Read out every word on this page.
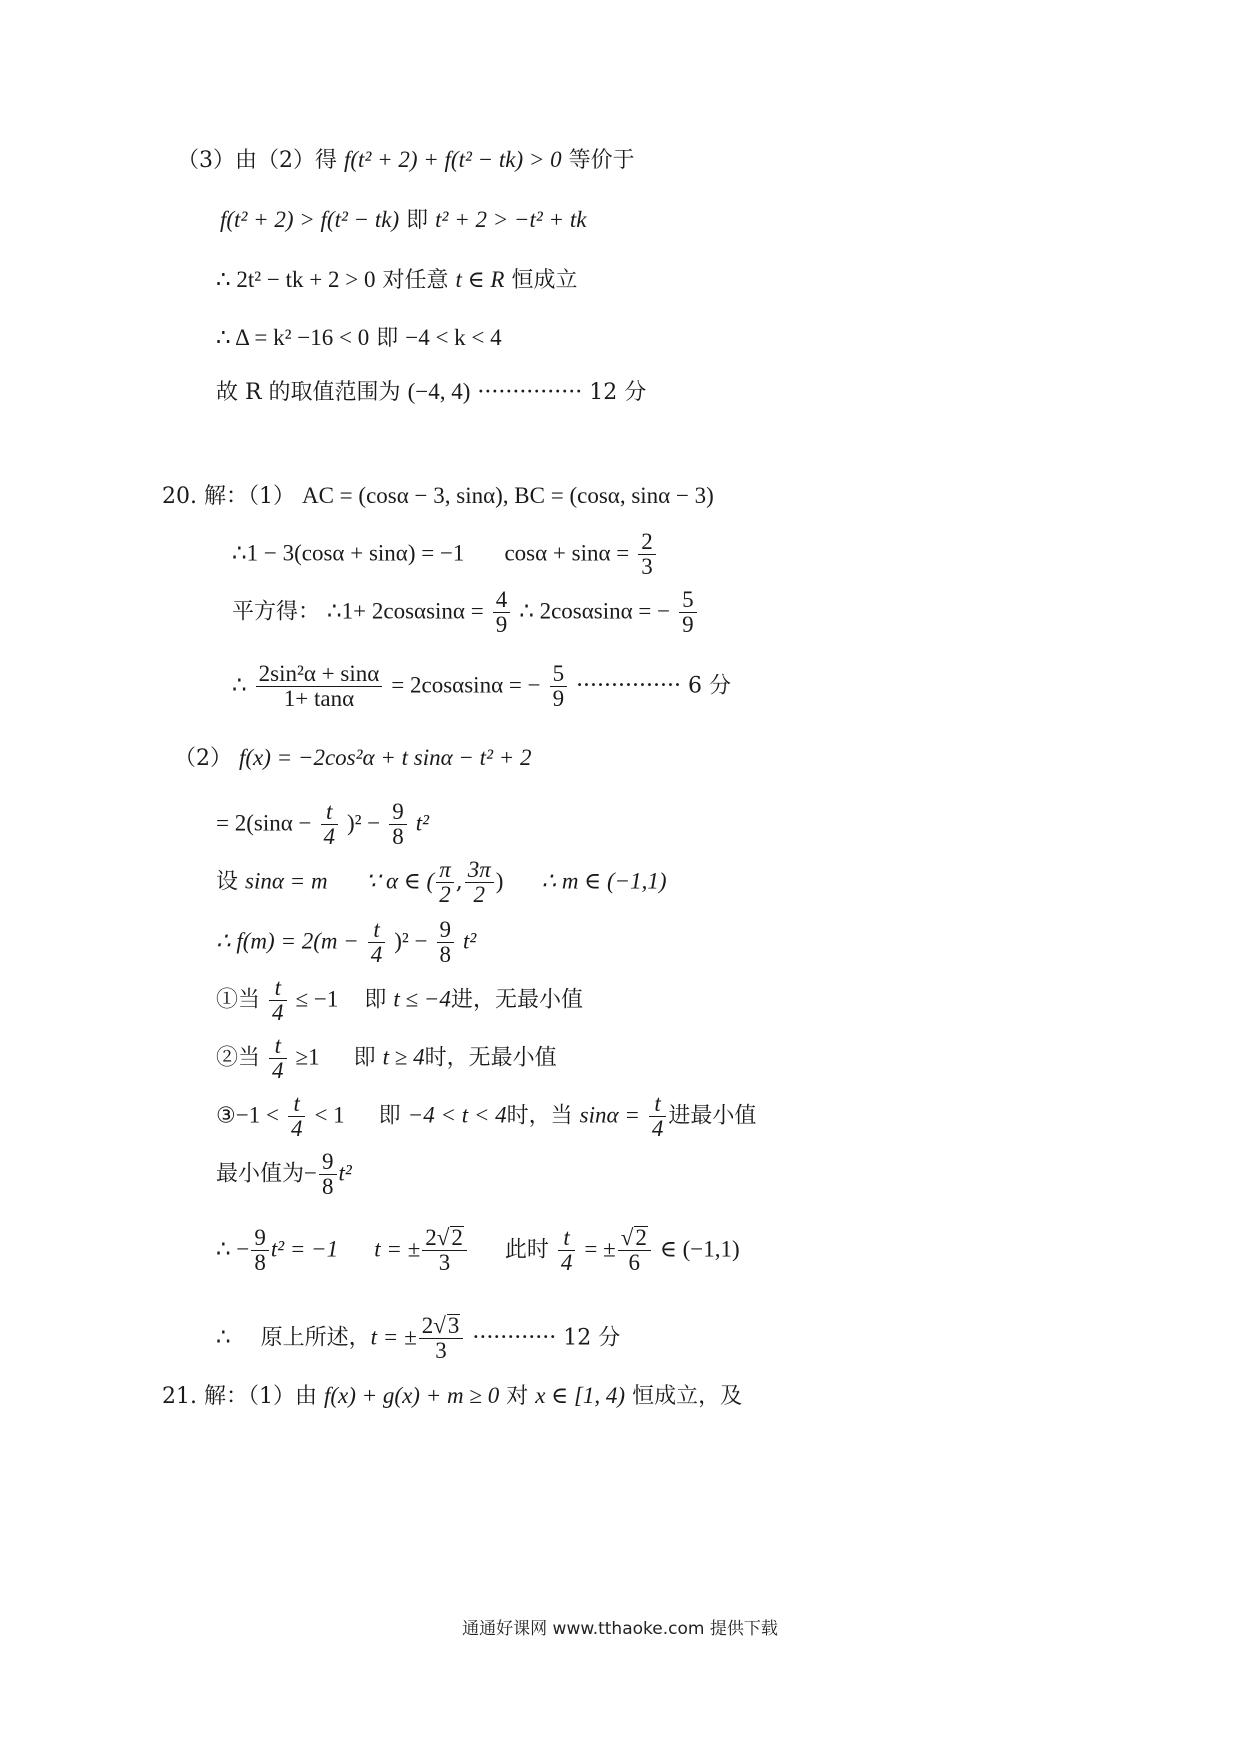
（3）由（2）得 f(t² + 2) + f(t² − tk) > 0 等价于
f(t² + 2) > f(t² − tk) 即 t² + 2 > −t² + tk
∴ 2t² − tk + 2 > 0 对任意 t ∈ R 恒成立
∴ Δ = k² −16 < 0 即 −4 < k < 4
故 R 的取值范围为 (−4, 4) ··············· 12 分
20. 解：（1） AC = (cosα − 3, sinα), BC = (cosα, sinα − 3)
∴1 − 3(cosα + sinα) = −1 $\cos\alpha + \sin\alpha = \frac{2}{3}$
平方得： ∴1+ $2\cos\alpha\sin\alpha = \frac{4}{9}$ ∴ 2cosαsinα = − $\frac{5}{9}$
∴ $\frac{\text{2sin²α + sinα}}{1+ \tan\alpha} = 2\cos\alpha\sin\alpha$ = − $\frac{5}{9}$ ··············· 6 分
（2） f(x) = −2cos²α + t sinα − t² + 2
= $2(\sin\alpha - \frac{t}{4} )^2 - \frac{9}{8} t^2$
设 sinα = m ∵ α ∈ ( $\frac{\pi}{2}$ , $\frac{3\pi}{2}$ ) ∴ m ∈ (−1,1)
∴ $f(m) = 2(m - \frac{t}{4} )^2 - \frac{9}{8} t^2$
①当 $\frac{t}{4} \le -1$ 即 t ≤ −4进，无最小值
②当 $\frac{t}{4} \ge 1$ 即 t ≥ 4时，无最小值
③−1 < $\frac{t}{4} < 1$ 即 −4 < t < 4时，当 $\sin\alpha = \frac{t}{4}$ 进最小值
最小值为− $\frac{9}{8} t^2$
∴ − $\frac{9}{8} t^2 = -1$ t = ± $\frac{2√2}{3}$ 此时 $\frac{t}{4}$ = ± $\frac{√2}{6}$ ∈ (−1,1)
∴ 原上所述，t = ± $\frac{2√3}{3}$ ············ 12 分
21. 解：（1）由 f(x) + g(x) + m ≥ 0 对 x ∈ [1, 4) 恒成立，及
通通好课网 www.tthaoke.com 提供下载
